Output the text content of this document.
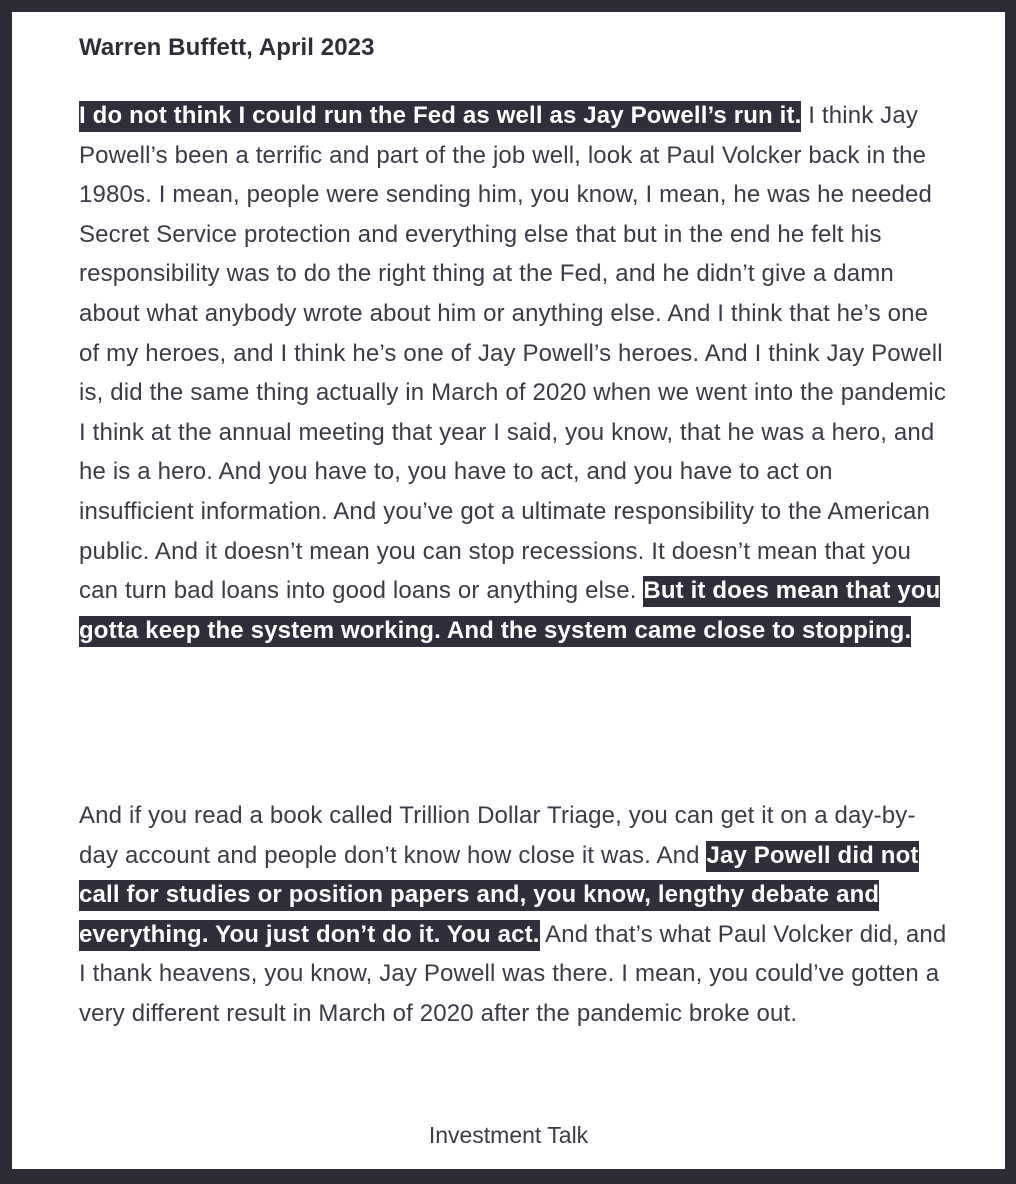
Warren Buffett, April 2023

I do not think I could run the Fed as well as Jay Powell’s run it. I think Jay Powell’s been a terrific and part of the job well, look at Paul Volcker back in the 1980s. I mean, people were sending him, you know, I mean, he was he needed Secret Service protection and everything else that but in the end he felt his responsibility was to do the right thing at the Fed, and he didn’t give a damn about what anybody wrote about him or anything else. And I think that he’s one of my heroes, and I think he’s one of Jay Powell’s heroes. And I think Jay Powell is, did the same thing actually in March of 2020 when we went into the pandemic I think at the annual meeting that year I said, you know, that he was a hero, and he is a hero. And you have to, you have to act, and you have to act on insufficient information. And you’ve got a ultimate responsibility to the American public. And it doesn’t mean you can stop recessions. It doesn’t mean that you can turn bad loans into good loans or anything else. But it does mean that you gotta keep the system working. And the system came close to stopping.

And if you read a book called Trillion Dollar Triage, you can get it on a day-by-day account and people don’t know how close it was. And Jay Powell did not call for studies or position papers and, you know, lengthy debate and everything. You just don’t do it. You act. And that’s what Paul Volcker did, and I thank heavens, you know, Jay Powell was there. I mean, you could’ve gotten a very different result in March of 2020 after the pandemic broke out.

Investment Talk
